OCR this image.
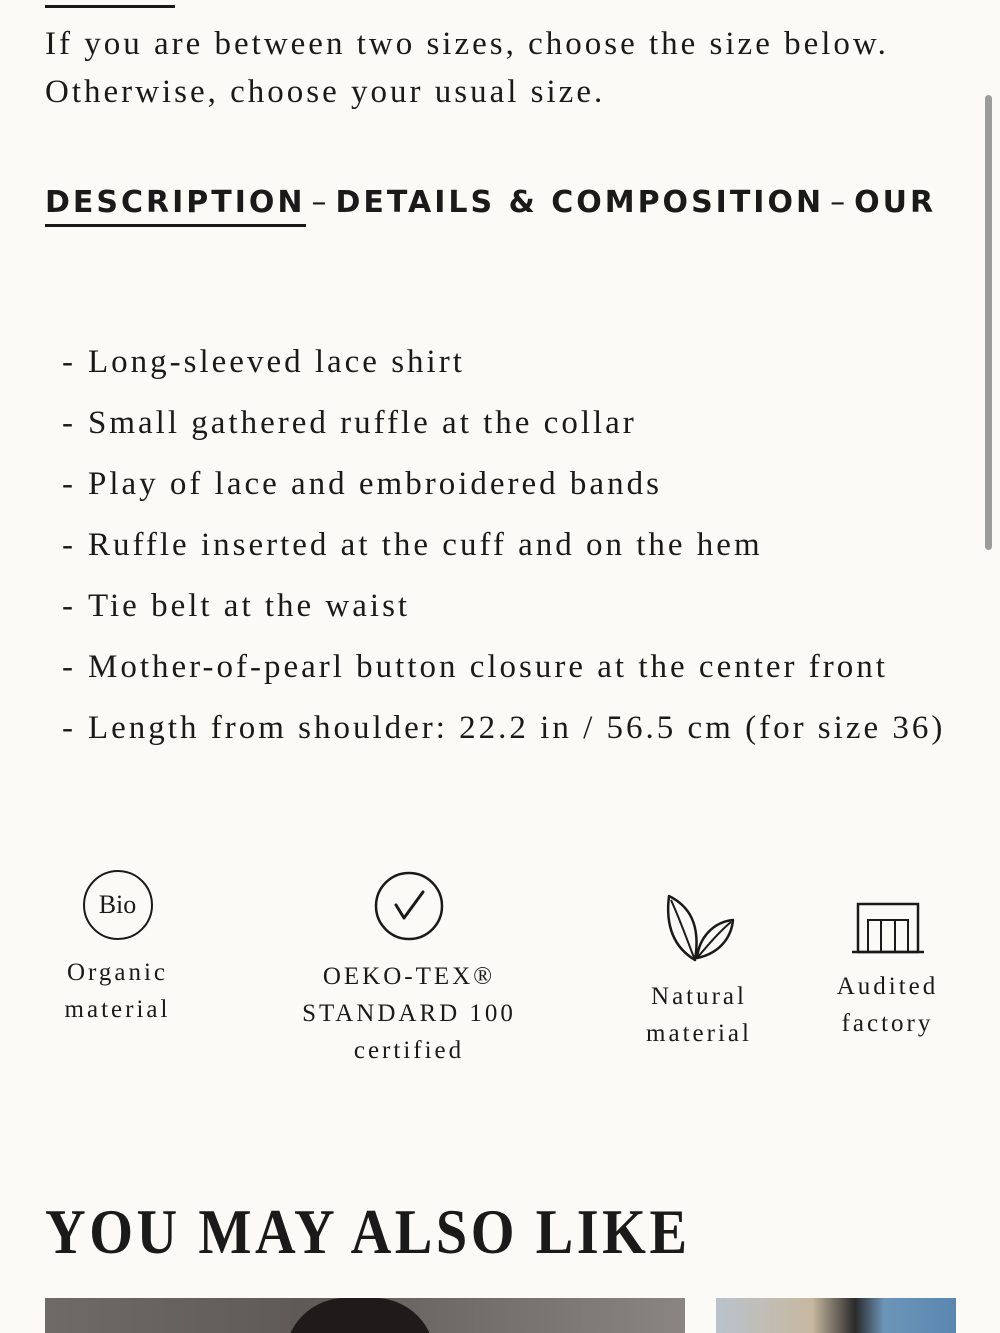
If you are between two sizes, choose the size below.
Otherwise, choose your usual size.
DESCRIPTION – DETAILS & COMPOSITION – OUR
- Long-sleeved lace shirt
- Small gathered ruffle at the collar
- Play of lace and embroidered bands
- Ruffle inserted at the cuff and on the hem
- Tie belt at the waist
- Mother-of-pearl button closure at the center front
- Length from shoulder: 22.2 in / 56.5 cm (for size 36)
Bio
Organic
material
OEKO-TEX®
STANDARD 100
certified
Natural
material
Audited
factory
YOU MAY ALSO LIKE
